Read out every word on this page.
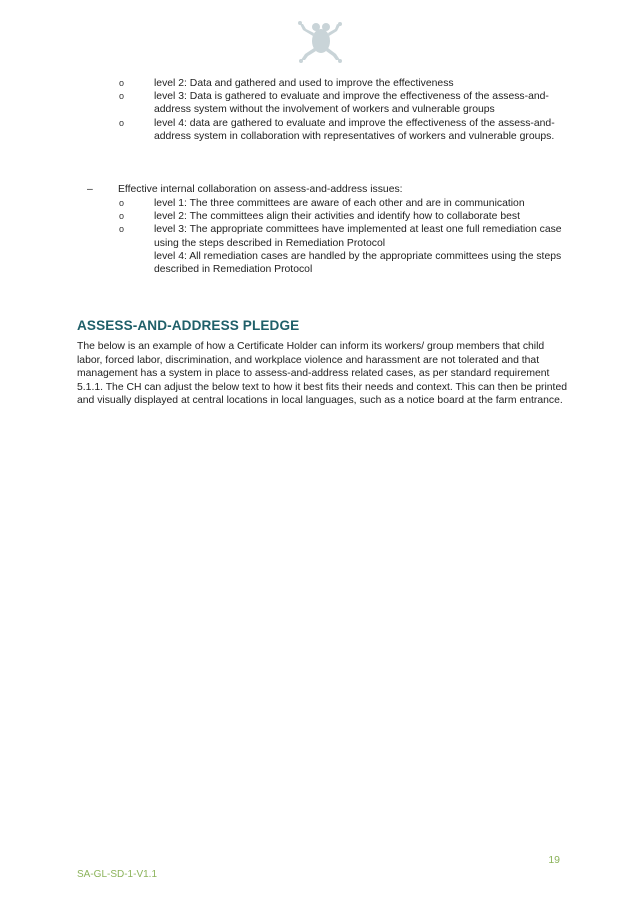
o	level 2: Data and gathered and used to improve the effectiveness
o	level 3: Data is gathered to evaluate and improve the effectiveness of the assess-and-address system without the involvement of workers and vulnerable groups
o	level 4: data are gathered to evaluate and improve the effectiveness of the assess-and-address system in collaboration with representatives of workers and vulnerable groups.
–	Effective internal collaboration on assess-and-address issues:
o	level 1: The three committees are aware of each other and are in communication
o	level 2: The committees align their activities and identify how to collaborate best
o	level 3: The appropriate committees have implemented at least one full remediation case using the steps described in Remediation Protocol
level 4: All remediation cases are handled by the appropriate committees using the steps described in Remediation Protocol
ASSESS-AND-ADDRESS PLEDGE

The below is an example of how a Certificate Holder can inform its workers/ group members that child labor, forced labor, discrimination, and workplace violence and harassment are not tolerated and that management has a system in place to assess-and-address related cases, as per standard requirement 5.1.1. The CH can adjust the below text to how it best fits their needs and context. This can then be printed and visually displayed at central locations in local languages, such as a notice board at the farm entrance.

19
SA-GL-SD-1-V1.1
